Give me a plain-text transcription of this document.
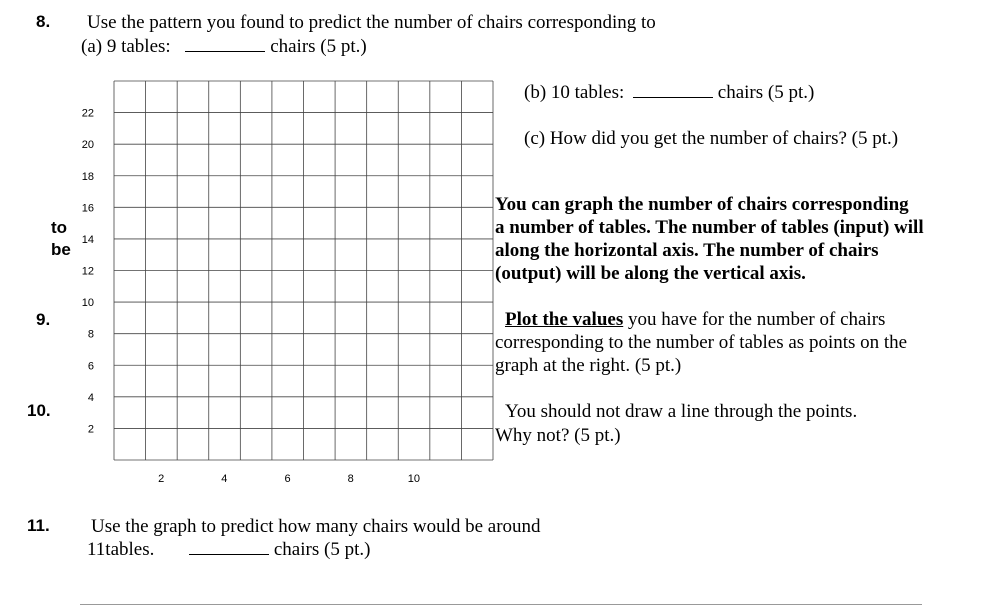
8. Use the pattern you found to predict the number of chairs corresponding to
(a) 9 tables:	chairs (5 pt.)
(b) 10 tables:	chairs (5 pt.)
(c) How did you get the number of chairs? (5 pt.)
to
be
2
4
6
8
10
12
14
16
18
20
22
2	4	6	8	10
9.
You can graph the number of chairs corresponding
a number of tables. The number of tables (input) will
along the horizontal axis. The number of chairs
(output) will be along the vertical axis.
Plot the values you have for the number of chairs
corresponding to the number of tables as points on the
graph at the right. (5 pt.)
10.	You should not draw a line through the points.
Why not? (5 pt.)
11. Use the graph to predict how many chairs would be around
11tables.	chairs (5 pt.)
